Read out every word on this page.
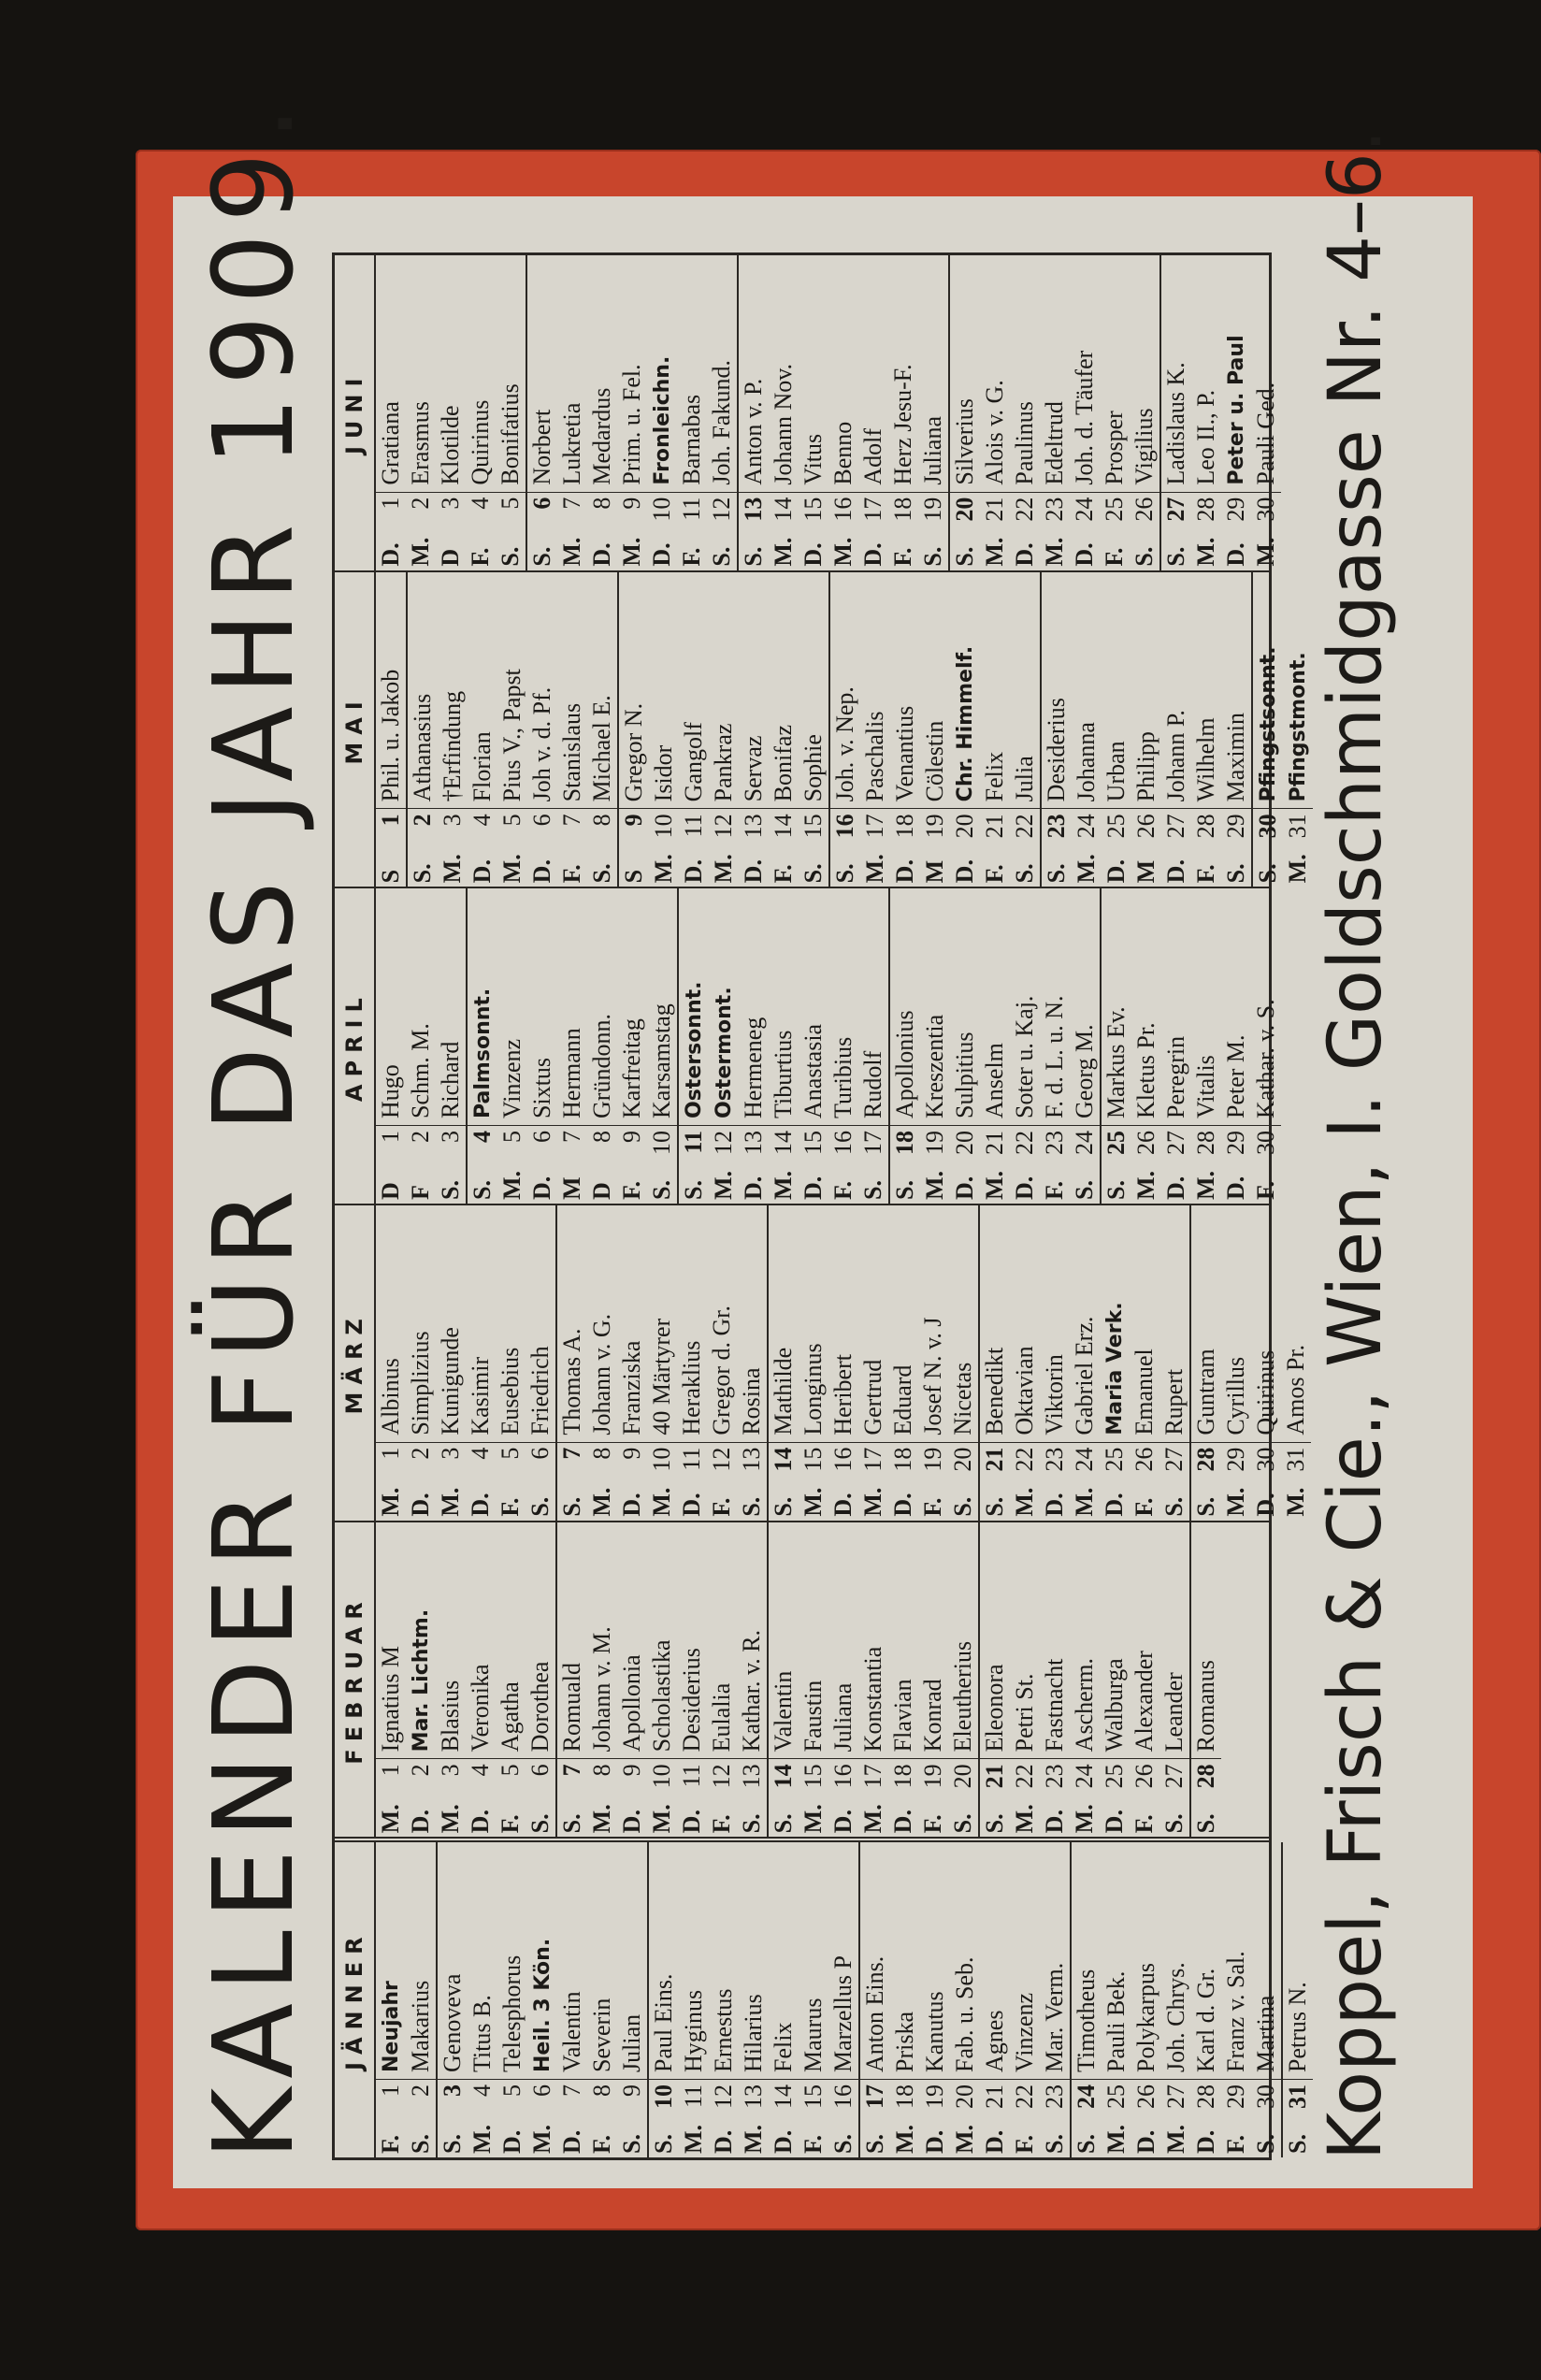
KALENDER FÜR DAS JAHR 1909.	JÄNNER
F.
1
Neujahr
S.
2
Makarius
S.
3
Genoveva
M.
4
Titus B.
D.
5
Telesphorus
M.
6
Heil. 3 Kön.
D.
7
Valentin
F.
8
Severin
S.
9
Julian
S.
10
Paul Eins.
M.
11
Hyginus
D.
12
Ernestus
M.
13
Hilarius
D.
14
Felix
F.
15
Maurus
S.
16
Marzellus P
S.
17
Anton Eins.
M.
18
Priska
D.
19
Kanutus
M.
20
Fab. u. Seb.
D.
21
Agnes
F.
22
Vinzenz
S.
23
Mar. Verm.
S.
24
Timotheus
M.
25
Pauli Bek.
D.
26
Polykarpus
M.
27
Joh. Chrys.
D.
28
Karl d. Gr.
F.
29
Franz v. Sal.
S.
30
Martina
S.
31
Petrus N.
FEBRUAR
M.
1
Ignatius M
D.
2
Mar. Lichtm.
M.
3
Blasius
D.
4
Veronika
F.
5
Agatha
S.
6
Dorothea
S.
7
Romuald
M.
8
Johann v. M.
D.
9
Apollonia
M.
10
Scholastika
D.
11
Desiderius
F.
12
Eulalia
S.
13
Kathar. v. R.
S.
14
Valentin
M.
15
Faustin
D.
16
Juliana
M.
17
Konstantia
D.
18
Flavian
F.
19
Konrad
S.
20
Eleutherius
S.
21
Eleonora
M.
22
Petri St.
D.
23
Fastnacht
M.
24
Ascherm.
D.
25
Walburga
F.
26
Alexander
S.
27
Leander
S.
28
Romanus
MÄRZ
M.
1
Albinus
D.
2
Simplizius
M.
3
Kunigunde
D.
4
Kasimir
F.
5
Eusebius
S.
6
Friedrich
S.
7
Thomas A.
M.
8
Johann v. G.
D.
9
Franziska
M.
10
40 Märtyrer
D.
11
Heraklius
F.
12
Gregor d. Gr.
S.
13
Rosina
S.
14
Mathilde
M.
15
Longinus
D.
16
Heribert
M.
17
Gertrud
D.
18
Eduard
F.
19
Josef N. v. J
S.
20
Nicetas
S.
21
Benedikt
M.
22
Oktavian
D.
23
Viktorin
M.
24
Gabriel Erz.
D.
25
Maria Verk.
F.
26
Emanuel
S.
27
Rupert
S.
28
Guntram
M.
29
Cyrillus
D.
30
Quirinus
M.
31
Amos Pr.
APRIL
D
1
Hugo
F
2
Schm. M.
S.
3
Richard
S.
4
Palmsonnt.
M.
5
Vinzenz
D.
6
Sixtus
M
7
Hermann
D
8
Gründonn.
F.
9
Karfreitag
S.
10
Karsamstag
S.
11
Ostersonnt.
M.
12
Ostermont.
D.
13
Hermeneg
M.
14
Tiburtius
D.
15
Anastasia
F.
16
Turibius
S.
17
Rudolf
S.
18
Apollonius
M.
19
Kreszentia
D.
20
Sulpitius
M.
21
Anselm
D.
22
Soter u. Kaj.
F.
23
F. d. L. u. N.
S.
24
Georg M.
S.
25
Markus Ev.
M.
26
Kletus Pr.
D.
27
Peregrin
M.
28
Vitalis
D.
29
Peter M.
F.
30
Kathar. v. S.
MAI
S
1
Phil. u. Jakob
S.
2
Athanasius
M.
3
†Erfindung
D.
4
Florian
M.
5
Pius V., Papst
D.
6
Joh v. d. Pf.
F.
7
Stanislaus
S.
8
Michael E.
S
9
Gregor N.
M.
10
Isidor
D.
11
Gangolf
M.
12
Pankraz
D.
13
Servaz
F.
14
Bonifaz
S.
15
Sophie
S.
16
Joh. v. Nep.
M.
17
Paschalis
D.
18
Venantius
M
19
Cölestin
D.
20
Chr. Himmelf.
F.
21
Felix
S.
22
Julia
S.
23
Desiderius
M.
24
Johanna
D.
25
Urban
M
26
Philipp
D.
27
Johann P.
F.
28
Wilhelm
S.
29
Maximin
S.
30
Pfingstsonnt.
M.
31
Pfingstmont.
JUNI
D.
1
Gratiana
M.
2
Erasmus
D
3
Klotilde
F.
4
Quirinus
S.
5
Bonifatius
S.
6
Norbert
M.
7
Lukretia
D.
8
Medardus
M.
9
Prim. u. Fel.
D.
10
Fronleichn.
F.
11
Barnabas
S.
12
Joh. Fakund.
S.
13
Anton v. P.
M.
14
Johann Nov.
D.
15
Vitus
M.
16
Benno
D.
17
Adolf
F.
18
Herz Jesu-F.
S.
19
Juliana
S.
20
Silverius
M.
21
Alois v. G.
D.
22
Paulinus
M.
23
Edeltrud
D.
24
Joh. d. Täufer
F.
25
Prosper
S.
26
Vigilius
S.
27
Ladislaus K.
M.
28
Leo II., P.
D.
29
Peter u. Paul
M.
30
Pauli Ged. Koppel, Frisch & Cie., Wien, I. Goldschmidgasse Nr. 4–6.
